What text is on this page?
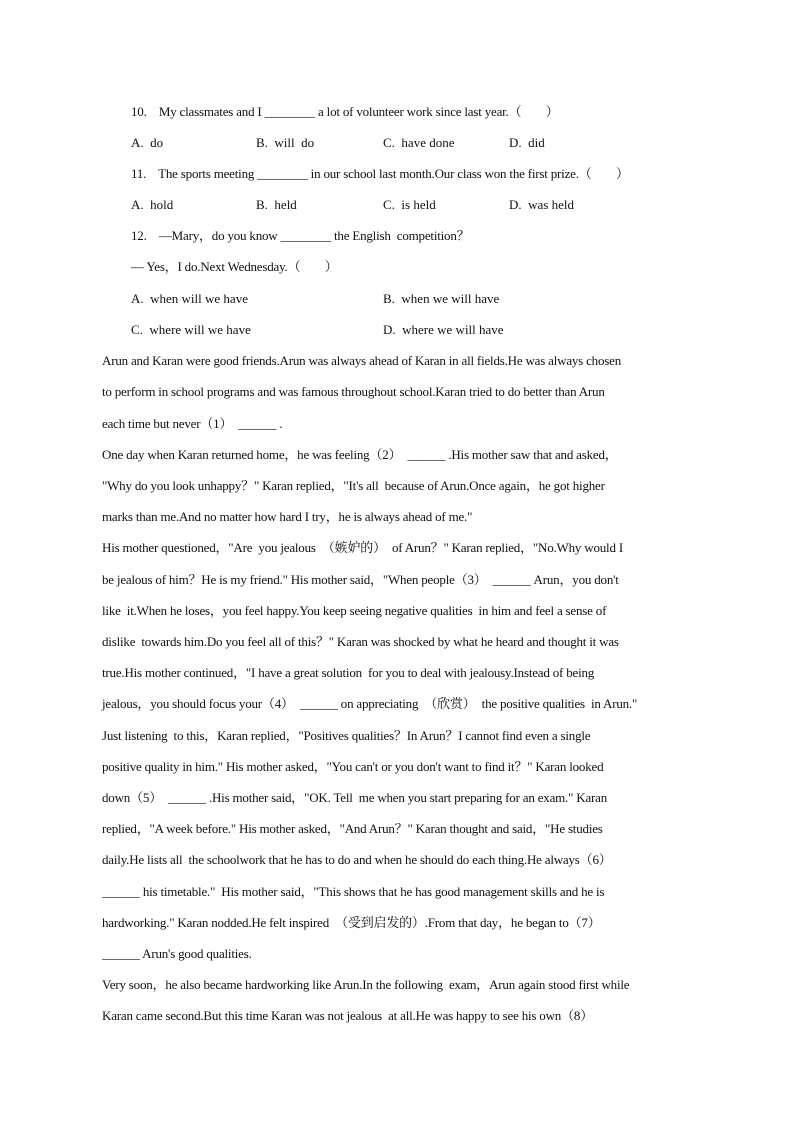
10.    My classmates and I ________ a lot of volunteer work since last year.（        ）
A.  do	B.  will  do	C.  have done	D.  did
11.    The sports meeting ________ in our school last month.Our class won the first prize.（        ）
A.  hold	B.  held	C.  is held	D.  was held
12.    —Mary，do you know ________ the English  competition？
— Yes，I do.Next Wednesday.（        ）
A.  when will we have	B.  when we will have
C.  where will we have	D.  where we will have
Arun and Karan were good friends.Arun was always ahead of Karan in all fields.He was always chosen
to perform in school programs and was famous throughout school.Karan tried to do better than Arun
each time but never（1）  ______ .
One day when Karan returned home，he was feeling（2）  ______ .His mother saw that and asked，
"Why do you look unhappy？" Karan replied，"It's all  because of Arun.Once again，he got higher
marks than me.And no matter how hard I try，he is always ahead of me."
His mother questioned，"Are  you jealous  （嫉妒的）  of Arun？" Karan replied，"No.Why would I
be jealous of him？He is my friend." His mother said，"When people（3）  ______ Arun，you don't
like  it.When he loses，you feel happy.You keep seeing negative qualities  in him and feel a sense of
dislike  towards him.Do you feel all of this？" Karan was shocked by what he heard and thought it was
true.His mother continued，"I have a great solution  for you to deal with jealousy.Instead of being
jealous，you should focus your（4）  ______ on appreciating  （欣赏）  the positive qualities  in Arun."
Just listening  to this，Karan replied，"Positives qualities？In Arun？I cannot find even a single
positive quality in him." His mother asked，"You can't or you don't want to find it？" Karan looked
down（5）  ______ .His mother said，"OK. Tell  me when you start preparing for an exam." Karan
replied，"A week before." His mother asked，"And Arun？" Karan thought and said，"He studies
daily.He lists all  the schoolwork that he has to do and when he should do each thing.He always（6）
______ his timetable."  His mother said，"This shows that he has good management skills and he is
hardworking." Karan nodded.He felt inspired  （受到启发的）.From that day，he began to（7）
______ Arun's good qualities.
Very soon，he also became hardworking like Arun.In the following  exam，Arun again stood first while
Karan came second.But this time Karan was not jealous  at all.He was happy to see his own（8）
